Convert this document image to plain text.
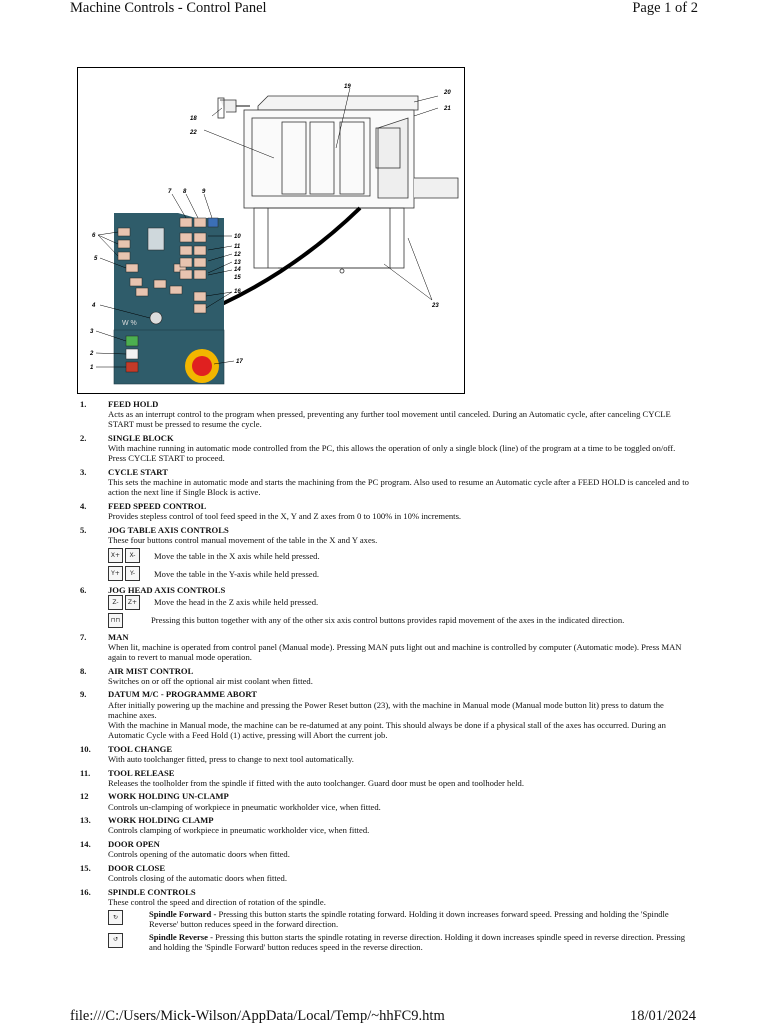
Machine Controls - Control Panel	Page 1 of 2
W %
1
2
3
4
5
6
7 8	9
10
11
12
13
14
15
16
17
18
19
20
21
22
23
1.	FEED HOLD
Acts as an interrupt control to the program when pressed, preventing any further tool movement until canceled. During an Automatic cycle, after canceling CYCLE START must be pressed to resume the cycle.
2.	SINGLE BLOCK
With machine running in automatic mode controlled from the PC, this allows the operation of only a single block (line) of the program at a time to be toggled on/off. Press CYCLE START to proceed.
3.	CYCLE START
This sets the machine in automatic mode and starts the machining from the PC program. Also used to resume an Automatic cycle after a FEED HOLD is canceled and to action the next line if Single Block is active.
4.	FEED SPEED CONTROL
Provides stepless control of tool feed speed in the X, Y and Z axes from 0 to 100% in 10% increments.
5.	JOG TABLE AXIS CONTROLS
These four buttons control manual movement of the table in the X and Y axes.
X+	X-	Move the table in the X axis while held pressed.
Y+	Y-	Move the table in the Y-axis while held pressed.
6.	JOG HEAD AXIS CONTROLS
Z-	Z+	Move the head in the Z axis while held pressed.
⊓⊓	Pressing this button together with any of the other six axis control buttons provides rapid movement of the axes in the indicated direction.
7.	MAN
When lit, machine is operated from control panel (Manual mode). Pressing MAN puts light out and machine is controlled by computer (Automatic mode). Press MAN again to revert to manual mode operation.
8.	AIR MIST CONTROL
Switches on or off the optional air mist coolant when fitted.
9.	DATUM M/C - PROGRAMME ABORT
After initially powering up the machine and pressing the Power Reset button (23), with the machine in Manual mode (Manual mode button lit) press to datum the machine axes.
With the machine in Manual mode, the machine can be re-datumed at any point. This should always be done if a physical stall of the axes has occurred. During an Automatic Cycle with a Feed Hold (1) active, pressing will Abort the current job.
10.	TOOL CHANGE
With auto toolchanger fitted, press to change to next tool automatically.
11.	TOOL RELEASE
Releases the toolholder from the spindle if fitted with the auto toolchanger. Guard door must be open and toolhoder held.
12	WORK HOLDING UN-CLAMP
Controls un-clamping of workpiece in pneumatic workholder vice, when fitted.
13.	WORK HOLDING CLAMP
Controls clamping of workpiece in pneumatic workholder vice, when fitted.
14.	DOOR OPEN
Controls opening of the automatic doors when fitted.
15.	DOOR CLOSE
Controls closing of the automatic doors when fitted.
16.	SPINDLE CONTROLS
These control the speed and direction of rotation of the spindle.
↻	Spindle Forward - Pressing this button starts the spindle rotating forward. Holding it down increases forward speed. Pressing and holding the 'Spindle Reverse' button reduces speed in the forward direction.
↺	Spindle Reverse - Pressing this button starts the spindle rotating in reverse direction. Holding it down increases spindle speed in reverse direction. Pressing and holding the 'Spindle Forward' button reduces speed in the reverse direction.
file:///C:/Users/Mick-Wilson/AppData/Local/Temp/~hhFC9.htm	18/01/2024
